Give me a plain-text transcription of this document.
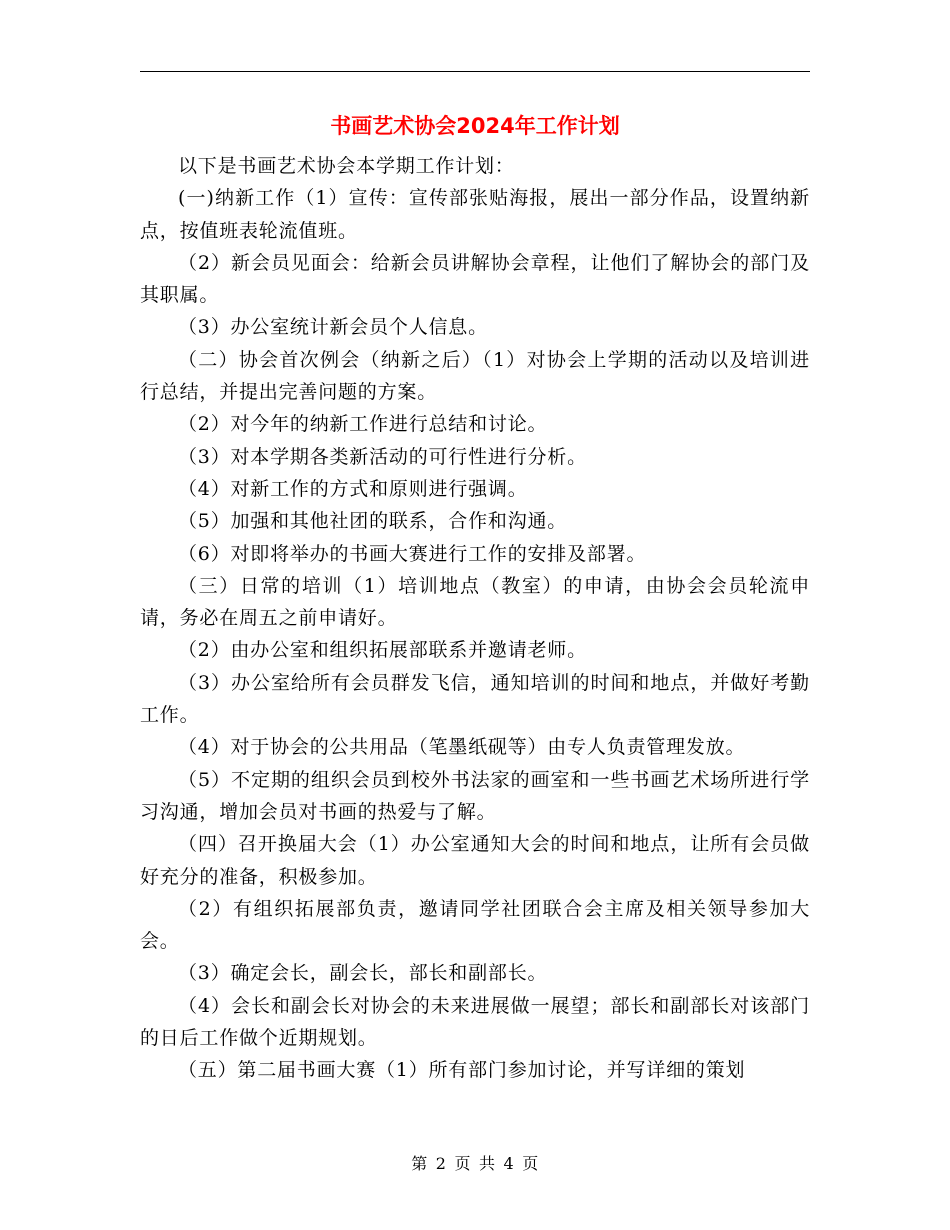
书画艺术协会2024年工作计划

以下是书画艺术协会本学期工作计划：

(一)纳新工作（1）宣传：宣传部张贴海报，展出一部分作品，设置纳新点，按值班表轮流值班。

（2）新会员见面会：给新会员讲解协会章程，让他们了解协会的部门及其职属。

（3）办公室统计新会员个人信息。

（二）协会首次例会（纳新之后）（1）对协会上学期的活动以及培训进行总结，并提出完善问题的方案。

（2）对今年的纳新工作进行总结和讨论。

（3）对本学期各类新活动的可行性进行分析。

（4）对新工作的方式和原则进行强调。

（5）加强和其他社团的联系，合作和沟通。

（6）对即将举办的书画大赛进行工作的安排及部署。

（三）日常的培训（1）培训地点（教室）的申请，由协会会员轮流申请，务必在周五之前申请好。

（2）由办公室和组织拓展部联系并邀请老师。

（3）办公室给所有会员群发飞信，通知培训的时间和地点，并做好考勤工作。

（4）对于协会的公共用品（笔墨纸砚等）由专人负责管理发放。

（5）不定期的组织会员到校外书法家的画室和一些书画艺术场所进行学习沟通，增加会员对书画的热爱与了解。

（四）召开换届大会（1）办公室通知大会的时间和地点，让所有会员做好充分的准备，积极参加。

（2）有组织拓展部负责，邀请同学社团联合会主席及相关领导参加大会。

（3）确定会长，副会长，部长和副部长。

（4）会长和副会长对协会的未来进展做一展望；部长和副部长对该部门的日后工作做个近期规划。

（五）第二届书画大赛（1）所有部门参加讨论，并写详细的策划

第 2 页 共 4 页
